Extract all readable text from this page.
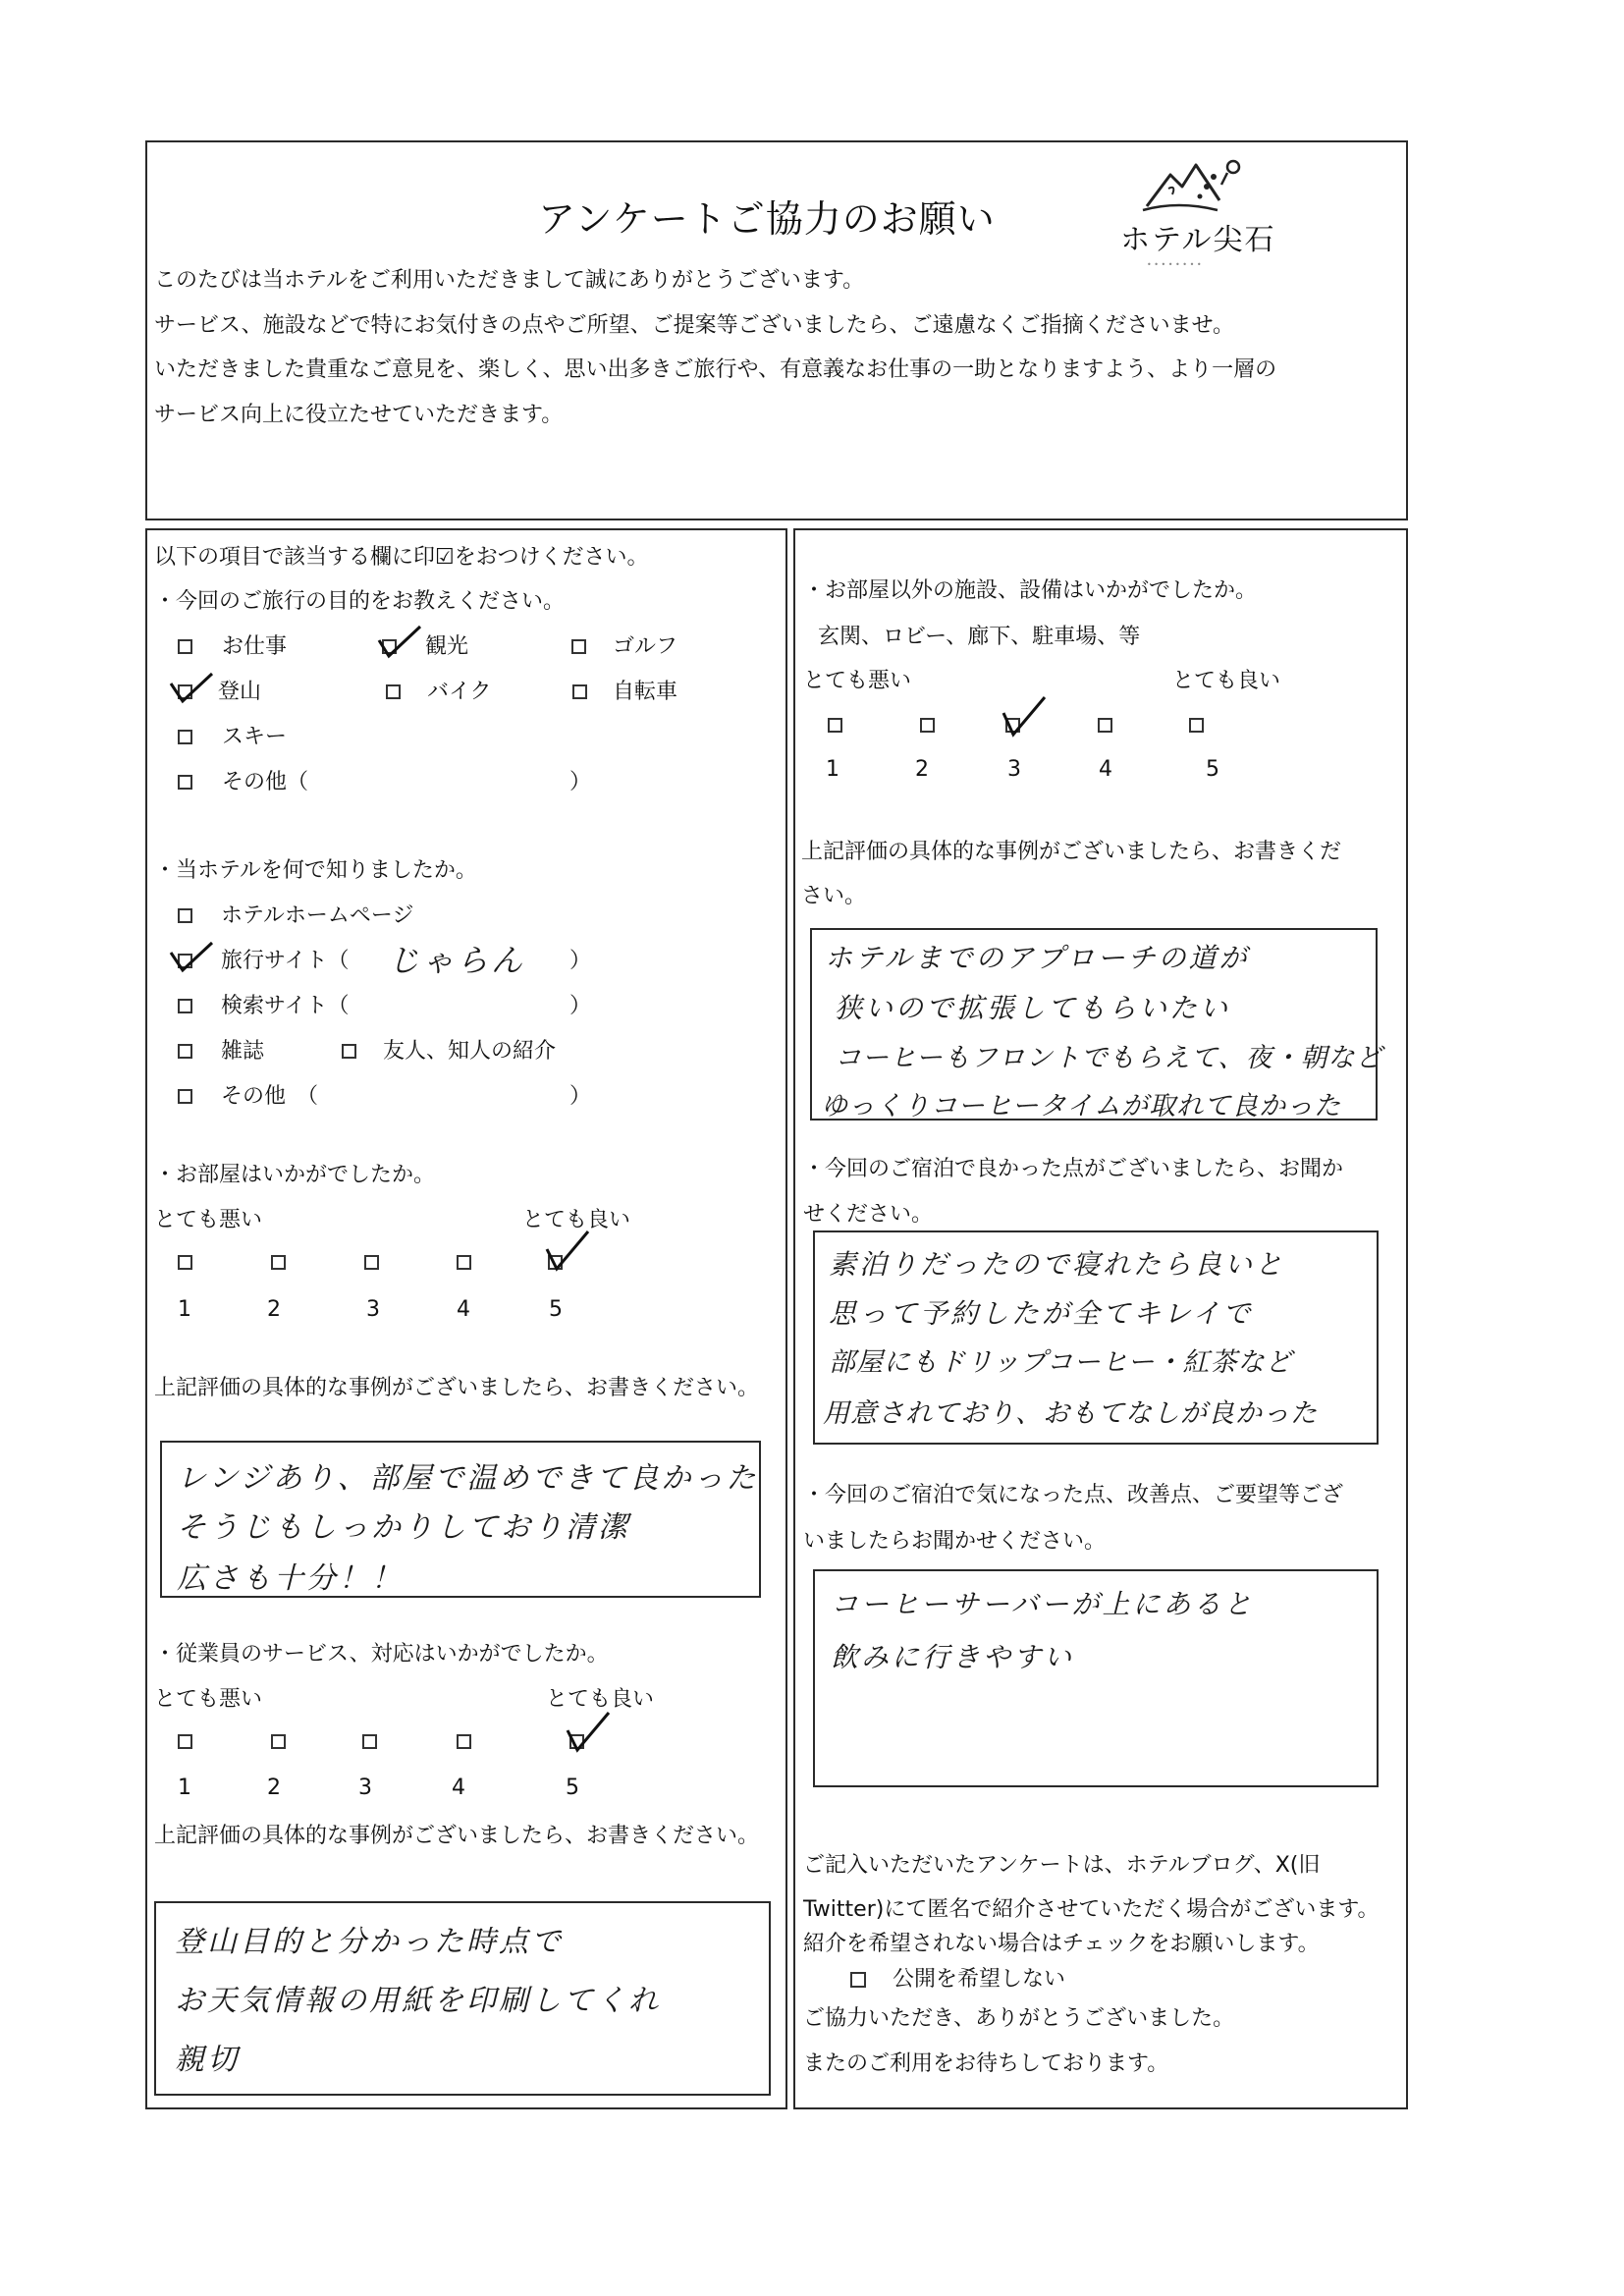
アンケートご協力のお願い	ホテル尖石
• • • • • • • •
このたびは当ホテルをご利用いただきまして誠にありがとうございます。
サービス、施設などで特にお気付きの点やご所望、ご提案等ございましたら、ご遠慮なくご指摘くださいませ。
いただきました貴重なご意見を、楽しく、思い出多きご旅行や、有意義なお仕事の一助となりますよう、より一層の
サービス向上に役立たせていただきます。
以下の項目で該当する欄に印☑をおつけください。
・今回のご旅行の目的をお教えください。
お仕事	観光	ゴルフ
登山	バイク	自転車
スキー
その他（	）
・当ホテルを何で知りましたか。
ホテルホームページ
旅行サイト（ じゃらん ）
検索サイト（	）
雑誌	友人、知人の紹介
その他　（	）
・お部屋はいかがでしたか。
とても悪い	とても良い
1	2	3	4	5
上記評価の具体的な事例がございましたら、お書きください。
レンジあり、部屋で温めできて良かった
そうじもしっかりしており清潔
広さも十分！！
・従業員のサービス、対応はいかがでしたか。
とても悪い	とても良い
1	2	3	4	5
上記評価の具体的な事例がございましたら、お書きください。
登山目的と分かった時点で
お天気情報の用紙を印刷してくれ
親切
・お部屋以外の施設、設備はいかがでしたか。
玄関、ロビー、廊下、駐車場、等
とても悪い	とても良い
1	2	3	4	5
上記評価の具体的な事例がございましたら、お書きくだ
さい。
ホテルまでのアプローチの道が
狭いので拡張してもらいたい
コーヒーもフロントでもらえて、夜・朝など
ゆっくりコーヒータイムが取れて良かった
・今回のご宿泊で良かった点がございましたら、お聞か
せください。
素泊りだったので寝れたら良いと
思って予約したが全てキレイで
部屋にもドリップコーヒー・紅茶など
用意されており、おもてなしが良かった
・今回のご宿泊で気になった点、改善点、ご要望等ござ
いましたらお聞かせください。
コーヒーサーバーが上にあると
飲みに行きやすい
ご記入いただいたアンケートは、ホテルブログ、X(旧
Twitter)にて匿名で紹介させていただく場合がございます。
紹介を希望されない場合はチェックをお願いします。
公開を希望しない
ご協力いただき、ありがとうございました。
またのご利用をお待ちしております。
